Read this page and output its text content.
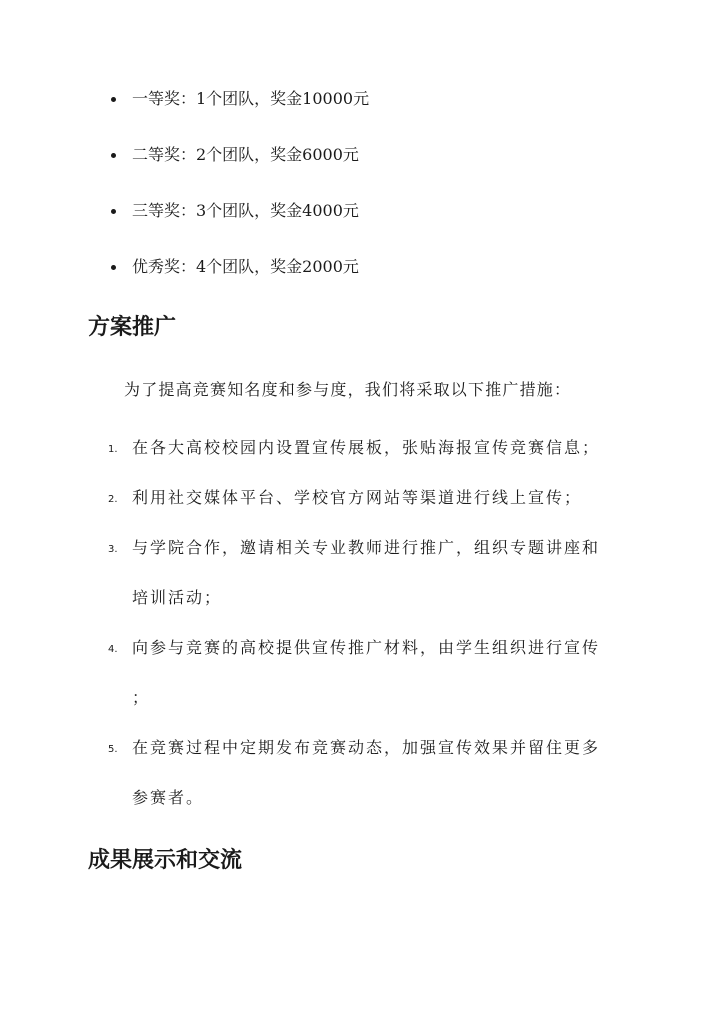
一等奖：1个团队，奖金10000元
二等奖：2个团队，奖金6000元
三等奖：3个团队，奖金4000元
优秀奖：4个团队，奖金2000元
方案推广

为了提高竞赛知名度和参与度，我们将采取以下推广措施：

1. 在各大高校校园内设置宣传展板，张贴海报宣传竞赛信息；
2. 利用社交媒体平台、学校官方网站等渠道进行线上宣传；
3. 与学院合作，邀请相关专业教师进行推广，组织专题讲座和
培训活动；
4. 向参与竞赛的高校提供宣传推广材料，由学生组织进行宣传
；
5. 在竞赛过程中定期发布竞赛动态，加强宣传效果并留住更多
参赛者。
成果展示和交流
